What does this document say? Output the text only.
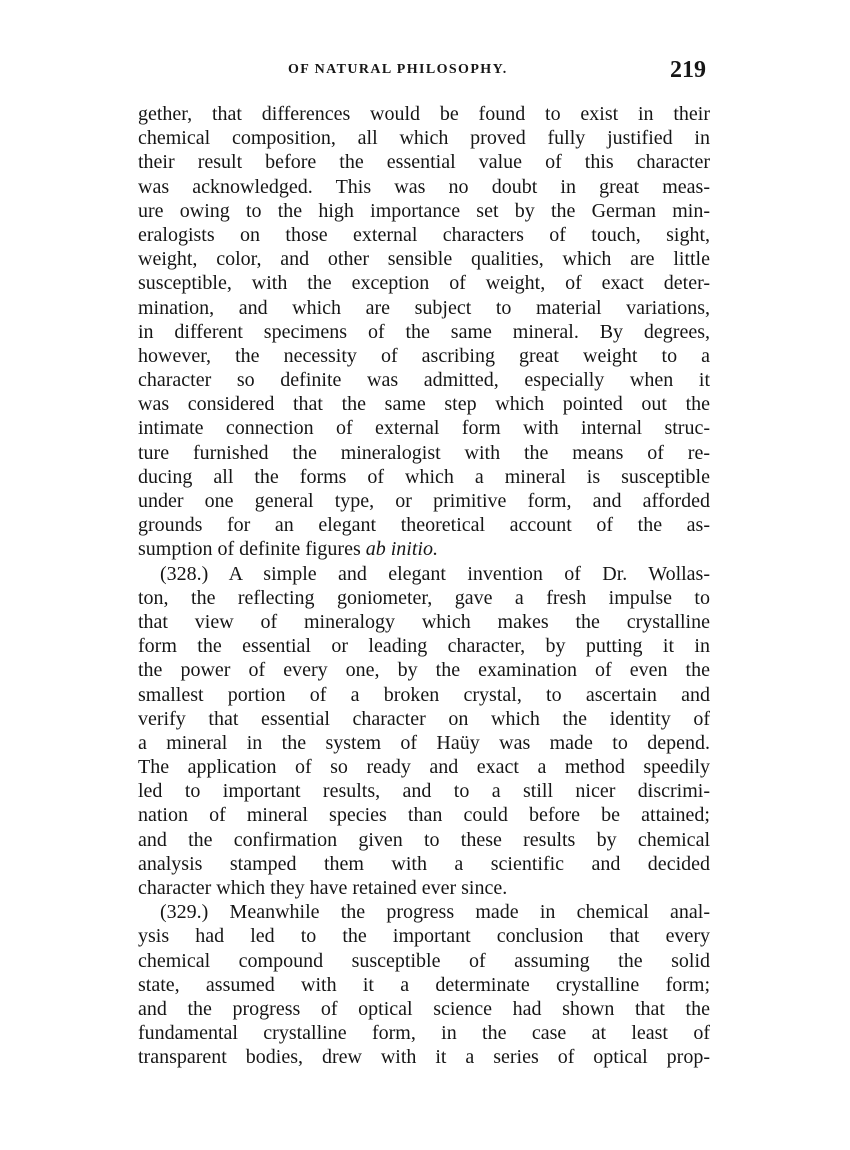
OF NATURAL PHILOSOPHY.	219
gether, that differences would be found to exist in their
chemical composition, all which proved fully justified in
their result before the essential value of this character
was acknowledged. This was no doubt in great meas-
ure owing to the high importance set by the German min-
eralogists on those external characters of touch, sight,
weight, color, and other sensible qualities, which are little
susceptible, with the exception of weight, of exact deter-
mination, and which are subject to material variations,
in different specimens of the same mineral. By degrees,
however, the necessity of ascribing great weight to a
character so definite was admitted, especially when it
was considered that the same step which pointed out the
intimate connection of external form with internal struc-
ture furnished the mineralogist with the means of re-
ducing all the forms of which a mineral is susceptible
under one general type, or primitive form, and afforded
grounds for an elegant theoretical account of the as-
sumption of definite figures ab initio.
(328.) A simple and elegant invention of Dr. Wollas-
ton, the reflecting goniometer, gave a fresh impulse to
that view of mineralogy which makes the crystalline
form the essential or leading character, by putting it in
the power of every one, by the examination of even the
smallest portion of a broken crystal, to ascertain and
verify that essential character on which the identity of
a mineral in the system of Haüy was made to depend.
The application of so ready and exact a method speedily
led to important results, and to a still nicer discrimi-
nation of mineral species than could before be attained;
and the confirmation given to these results by chemical
analysis stamped them with a scientific and decided
character which they have retained ever since.
(329.) Meanwhile the progress made in chemical anal-
ysis had led to the important conclusion that every
chemical compound susceptible of assuming the solid
state, assumed with it a determinate crystalline form;
and the progress of optical science had shown that the
fundamental crystalline form, in the case at least of
transparent bodies, drew with it a series of optical prop-
